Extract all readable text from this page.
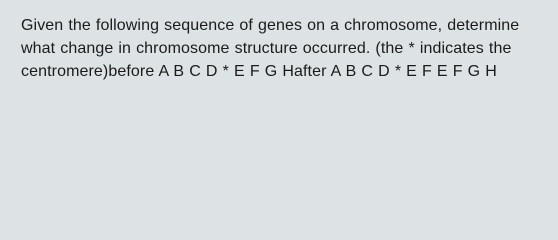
Given the following sequence of genes on a chromosome, determine what change in chromosome structure occurred. (the * indicates the centromere)before A B C D * E F G Hafter A B C D * E F E F G H
